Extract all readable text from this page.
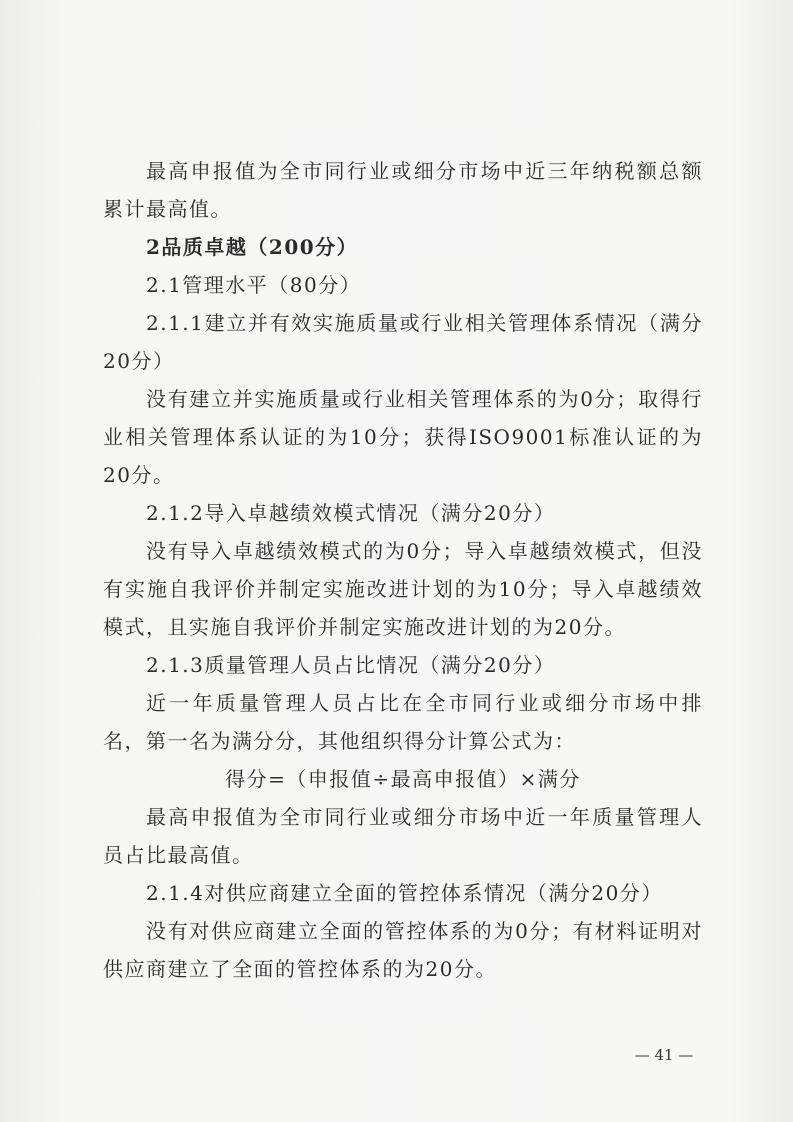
最高申报值为全市同行业或细分市场中近三年纳税额总额累计最高值。

2品质卓越（200分）

2.1管理水平（80分）

2.1.1建立并有效实施质量或行业相关管理体系情况（满分20分）

没有建立并实施质量或行业相关管理体系的为0分；取得行业相关管理体系认证的为10分；获得ISO9001标准认证的为20分。

2.1.2导入卓越绩效模式情况（满分20分）

没有导入卓越绩效模式的为0分；导入卓越绩效模式，但没有实施自我评价并制定实施改进计划的为10分；导入卓越绩效模式，且实施自我评价并制定实施改进计划的为20分。

2.1.3质量管理人员占比情况（满分20分）

近一年质量管理人员占比在全市同行业或细分市场中排名，第一名为满分分，其他组织得分计算公式为：

得分=（申报值÷最高申报值）×满分

最高申报值为全市同行业或细分市场中近一年质量管理人员占比最高值。

2.1.4对供应商建立全面的管控体系情况（满分20分）

没有对供应商建立全面的管控体系的为0分；有材料证明对供应商建立了全面的管控体系的为20分。

— 41 —
